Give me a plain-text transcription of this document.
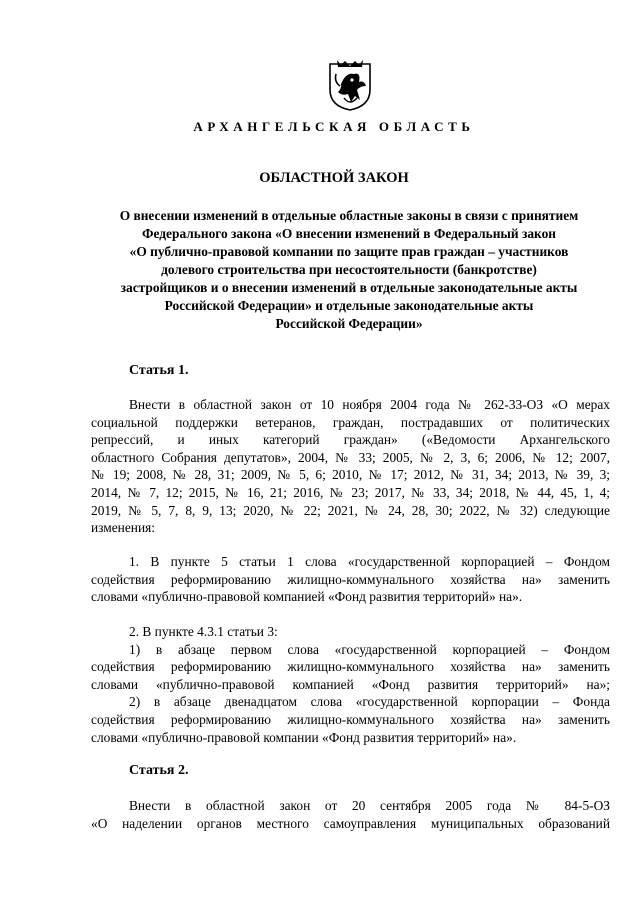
АРХАНГЕЛЬСКАЯ ОБЛАСТЬ
ОБЛАСТНОЙ ЗАКОН
О внесении изменений в отдельные областные законы в связи с принятием
Федерального закона «О внесении изменений в Федеральный закон
«О публично-правовой компании по защите прав граждан – участников
долевого строительства при несостоятельности (банкротстве)
застройщиков и о внесении изменений в отдельные законодательные акты
Российской Федерации» и отдельные законодательные акты
Российской Федерации»
Статья 1.
Внести в областной закон от 10 ноября 2004 года № 262-33-ОЗ «О мерах
социальной поддержки ветеранов, граждан, пострадавших от политических
репрессий, и иных категорий граждан» («Ведомости Архангельского
областного Собрания депутатов», 2004, № 33; 2005, № 2, 3, 6; 2006, № 12; 2007,
№ 19; 2008, № 28, 31; 2009, № 5, 6; 2010, № 17; 2012, № 31, 34; 2013, № 39, 3;
2014, № 7, 12; 2015, № 16, 21; 2016, № 23; 2017, № 33, 34; 2018, № 44, 45, 1, 4;
2019, № 5, 7, 8, 9, 13; 2020, № 22; 2021, № 24, 28, 30; 2022, № 32) следующие
изменения:
1. В пункте 5 статьи 1 слова «государственной корпорацией – Фондом
содействия реформированию жилищно-коммунального хозяйства на» заменить
словами «публично-правовой компанией «Фонд развития территорий» на».
2. В пункте 4.3.1 статьи 3:
1) в абзаце первом слова «государственной корпорацией – Фондом
содействия реформированию жилищно-коммунального хозяйства на» заменить
словами «публично-правовой компанией «Фонд развития территорий» на»;
2) в абзаце двенадцатом слова «государственной корпорации – Фонда
содействия реформированию жилищно-коммунального хозяйства на» заменить
словами «публично-правовой компании «Фонд развития территорий» на».
Статья 2.
Внести в областной закон от 20 сентября 2005 года № 84-5-ОЗ
«О наделении органов местного самоуправления муниципальных образований
